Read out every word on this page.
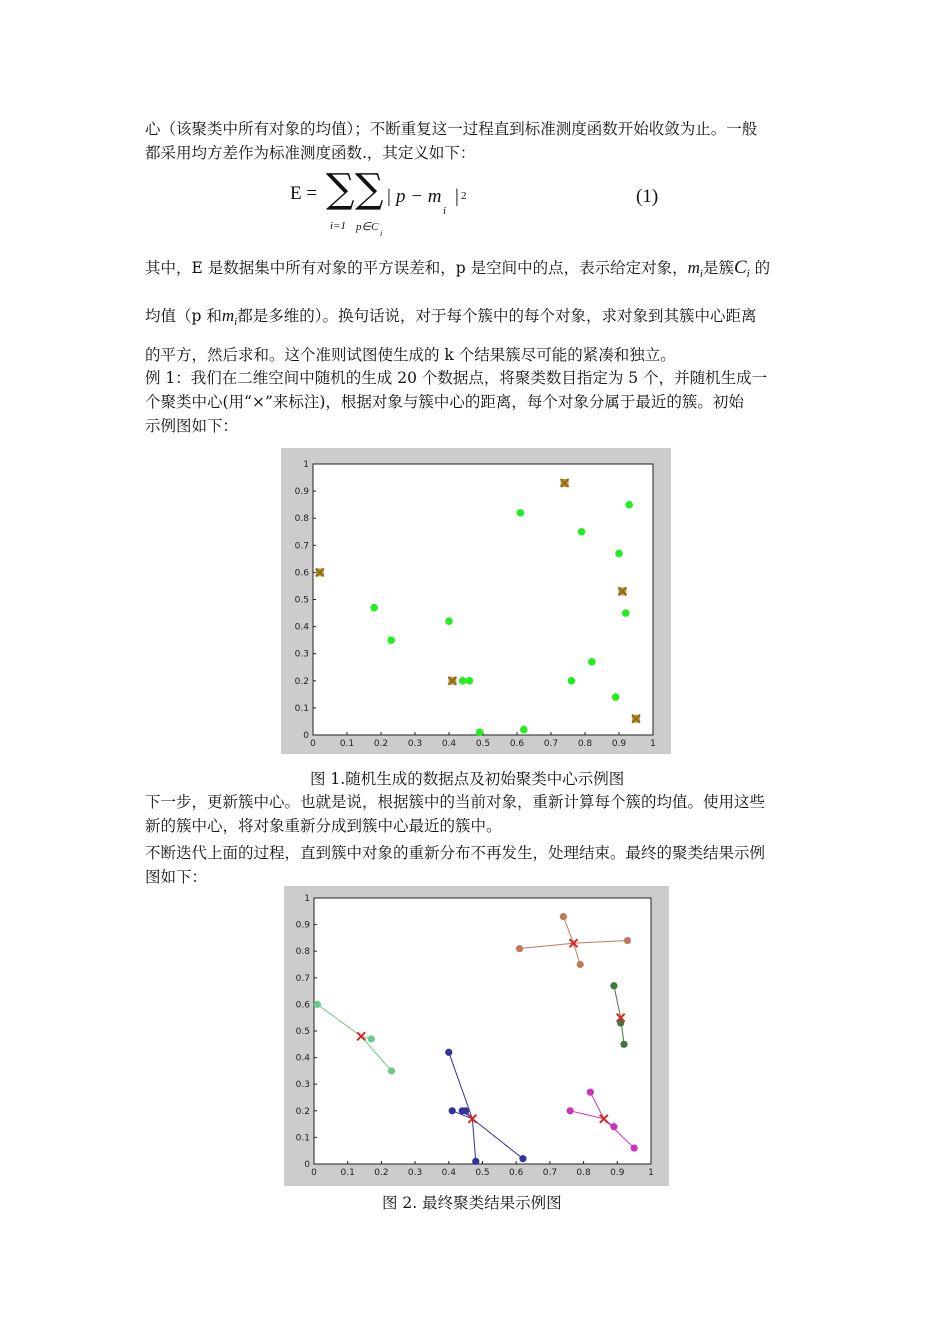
心（该聚类中所有对象的均值）；不断重复这一过程直到标准测度函数开始收敛为止。一般
都采用均方差作为标准测度函数.，其定义如下：
E = ∑ ∑ | p − m
i
| 2
i=1 p∈C
i
(1)
其中，E 是数据集中所有对象的平方误差和，p 是空间中的点，表示给定对象，$m_i$是簇$C_i$ 的
均值（p 和$m_i$都是多维的）。换句话说，对于每个簇中的每个对象，求对象到其簇中心距离
的平方，然后求和。这个准则试图使生成的 k 个结果簇尽可能的紧凑和独立。
例 1：我们在二维空间中随机的生成 20 个数据点，将聚类数目指定为 5 个，并随机生成一
个聚类中心(用“×”来标注)，根据对象与簇中心的距离，每个对象分属于最近的簇。初始
示例图如下：
0
0
0.1
0.1
0.2
0.2
0.3
0.3
0.4
0.4
0.5
0.5
0.6
0.6
0.7
0.7
0.8
0.8
0.9
0.9
1
1
图 1.随机生成的数据点及初始聚类中心示例图
下一步，更新簇中心。也就是说，根据簇中的当前对象，重新计算每个簇的均值。使用这些
新的簇中心，将对象重新分成到簇中心最近的簇中。
不断迭代上面的过程，直到簇中对象的重新分布不再发生，处理结束。最终的聚类结果示例
图如下：
0
0
0.1
0.1
0.2
0.2
0.3
0.3
0.4
0.4
0.5
0.5
0.6
0.6
0.7
0.7
0.8
0.8
0.9
0.9
1
1
图 2. 最终聚类结果示例图
